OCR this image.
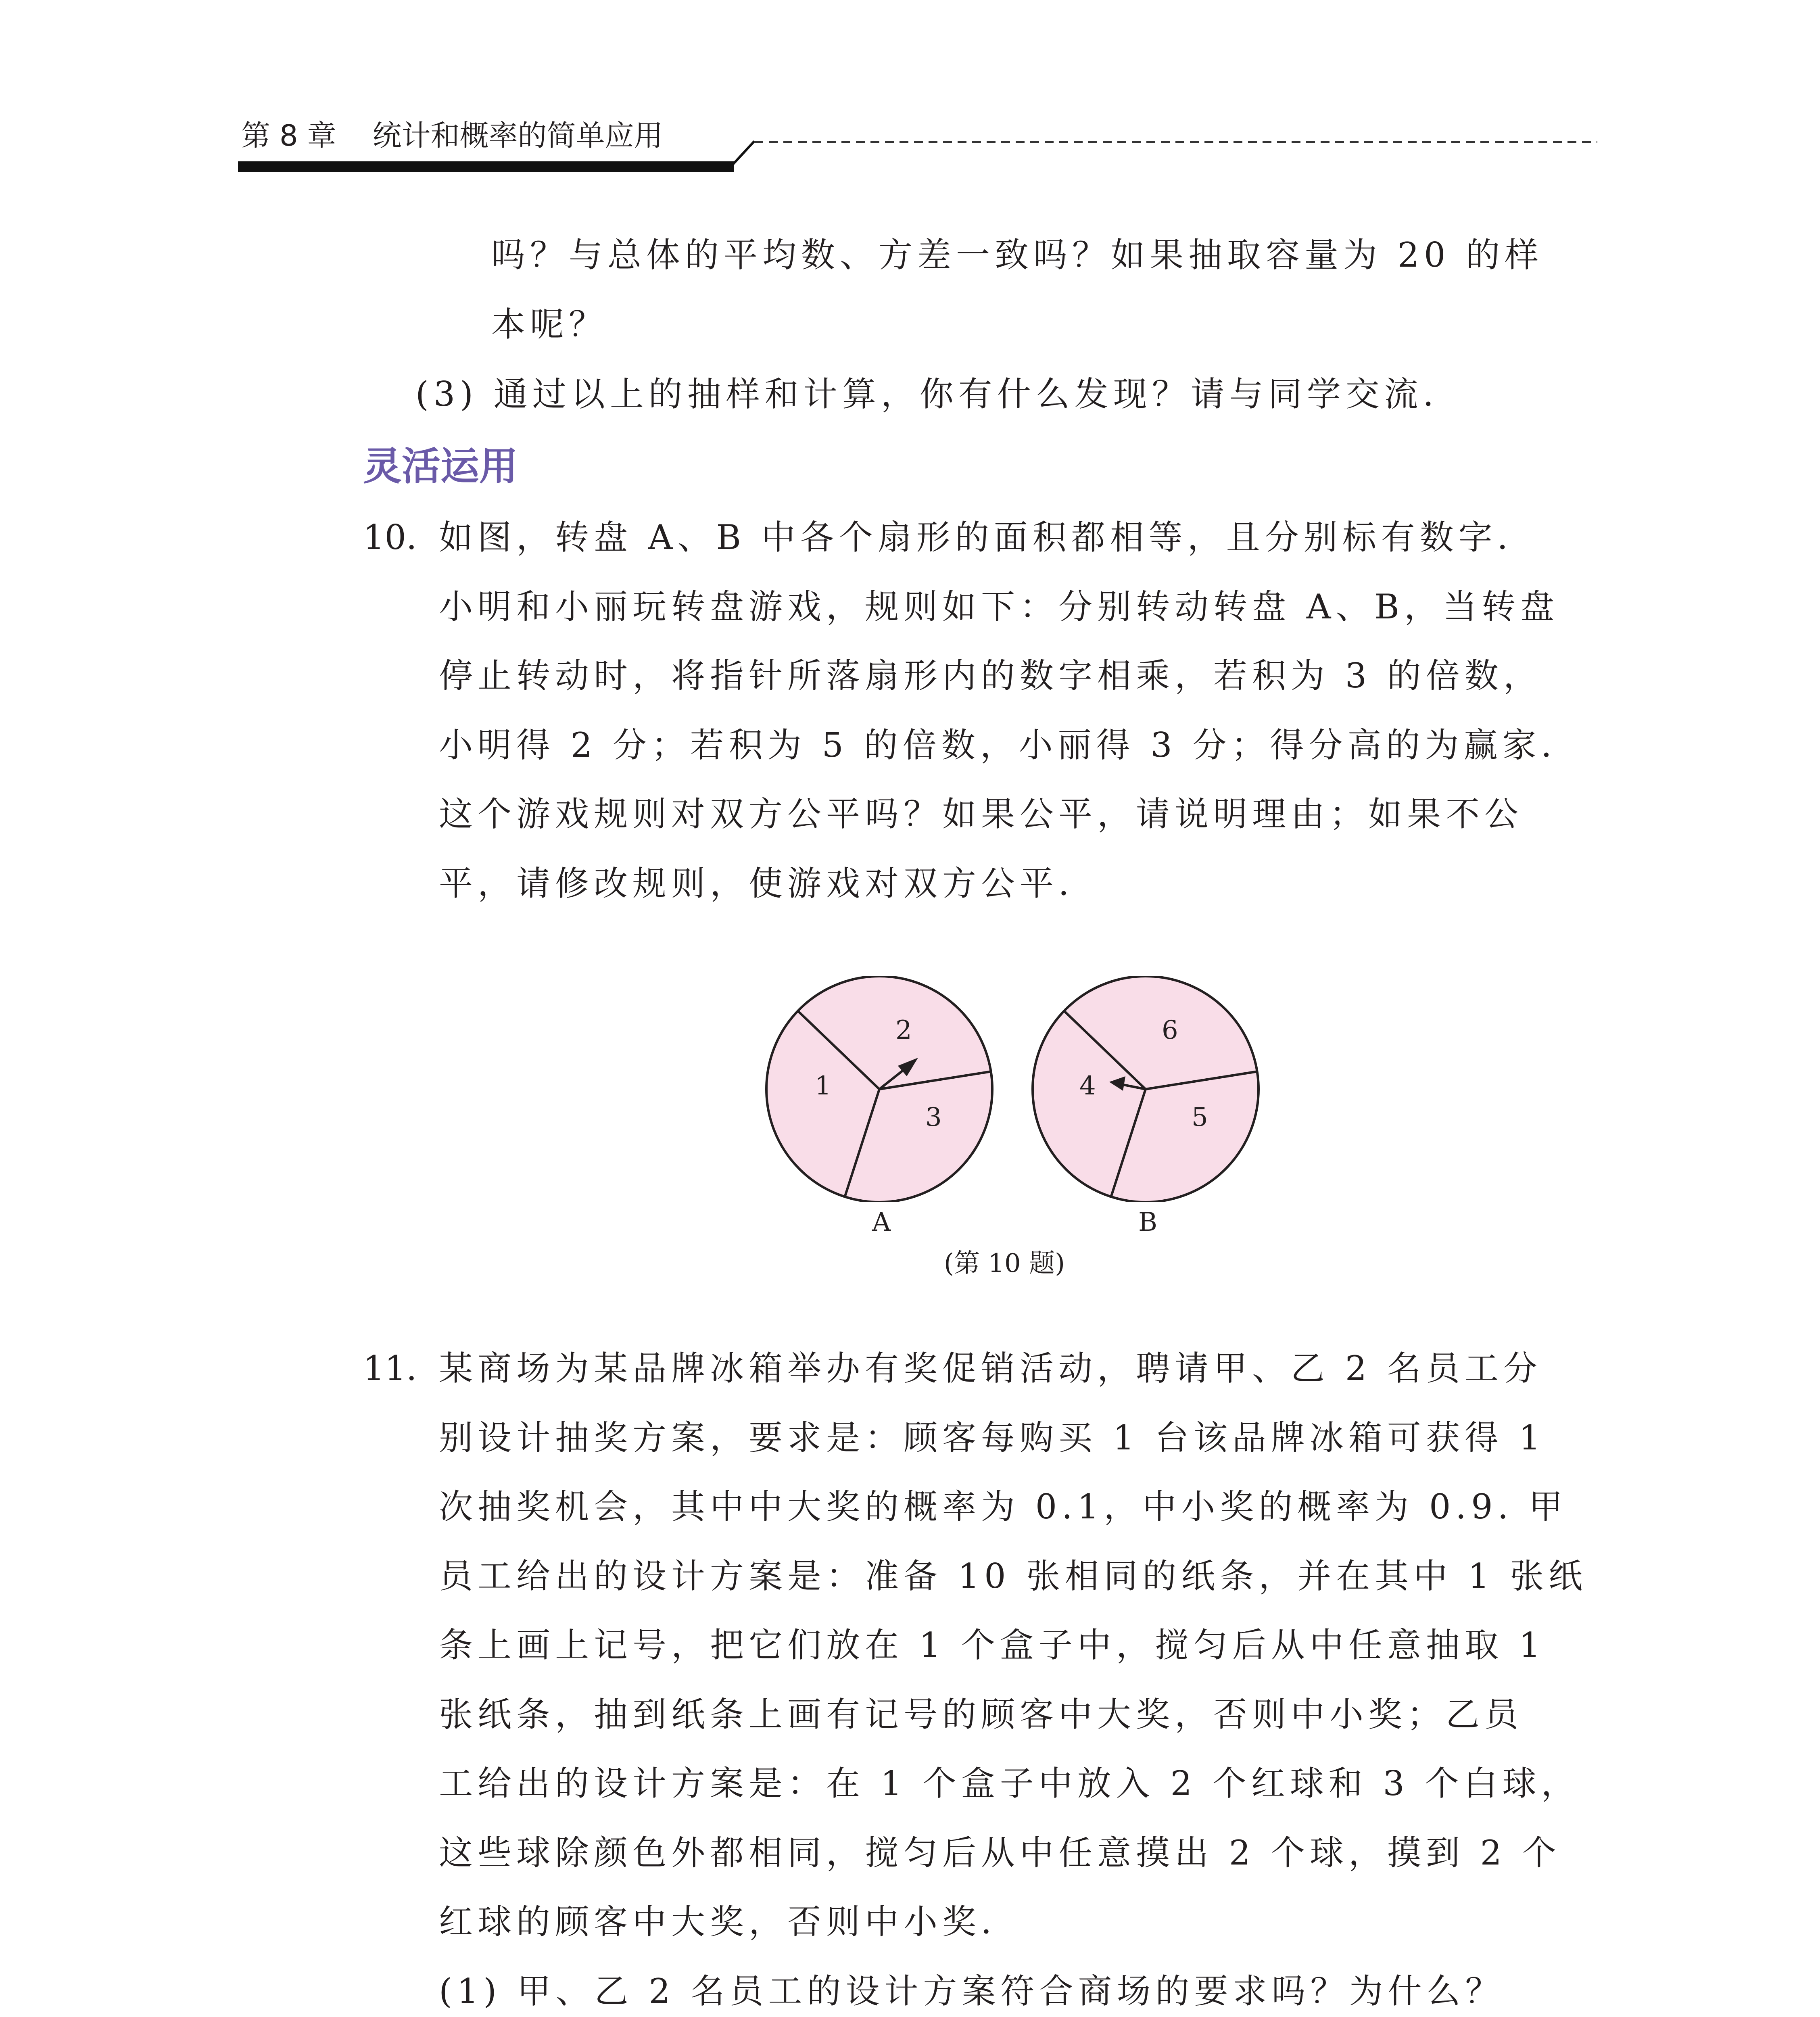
第 8 章 统计和概率的简单应用
吗？与总体的平均数、方差一致吗？如果抽取容量为 20 的样
本呢？
(3) 通过以上的抽样和计算，你有什么发现？请与同学交流．
灵活运用
10. 如图，转盘 A、B 中各个扇形的面积都相等，且分别标有数字．
小明和小丽玩转盘游戏，规则如下：分别转动转盘 A、B，当转盘
停止转动时，将指针所落扇形内的数字相乘，若积为 3 的倍数，
小明得 2 分；若积为 5 的倍数，小丽得 3 分；得分高的为赢家．
这个游戏规则对双方公平吗？如果公平，请说明理由；如果不公
平，请修改规则，使游戏对双方公平．
2
1
3
6
4
5
A	B
(第 10 题)
11. 某商场为某品牌冰箱举办有奖促销活动，聘请甲、乙 2 名员工分
别设计抽奖方案，要求是：顾客每购买 1 台该品牌冰箱可获得 1
次抽奖机会，其中中大奖的概率为 0.1，中小奖的概率为 0.9. 甲
员工给出的设计方案是：准备 10 张相同的纸条，并在其中 1 张纸
条上画上记号，把它们放在 1 个盒子中，搅匀后从中任意抽取 1
张纸条，抽到纸条上画有记号的顾客中大奖，否则中小奖；乙员
工给出的设计方案是：在 1 个盒子中放入 2 个红球和 3 个白球，
这些球除颜色外都相同，搅匀后从中任意摸出 2 个球，摸到 2 个
红球的顾客中大奖，否则中小奖．
(1) 甲、乙 2 名员工的设计方案符合商场的要求吗？为什么？
